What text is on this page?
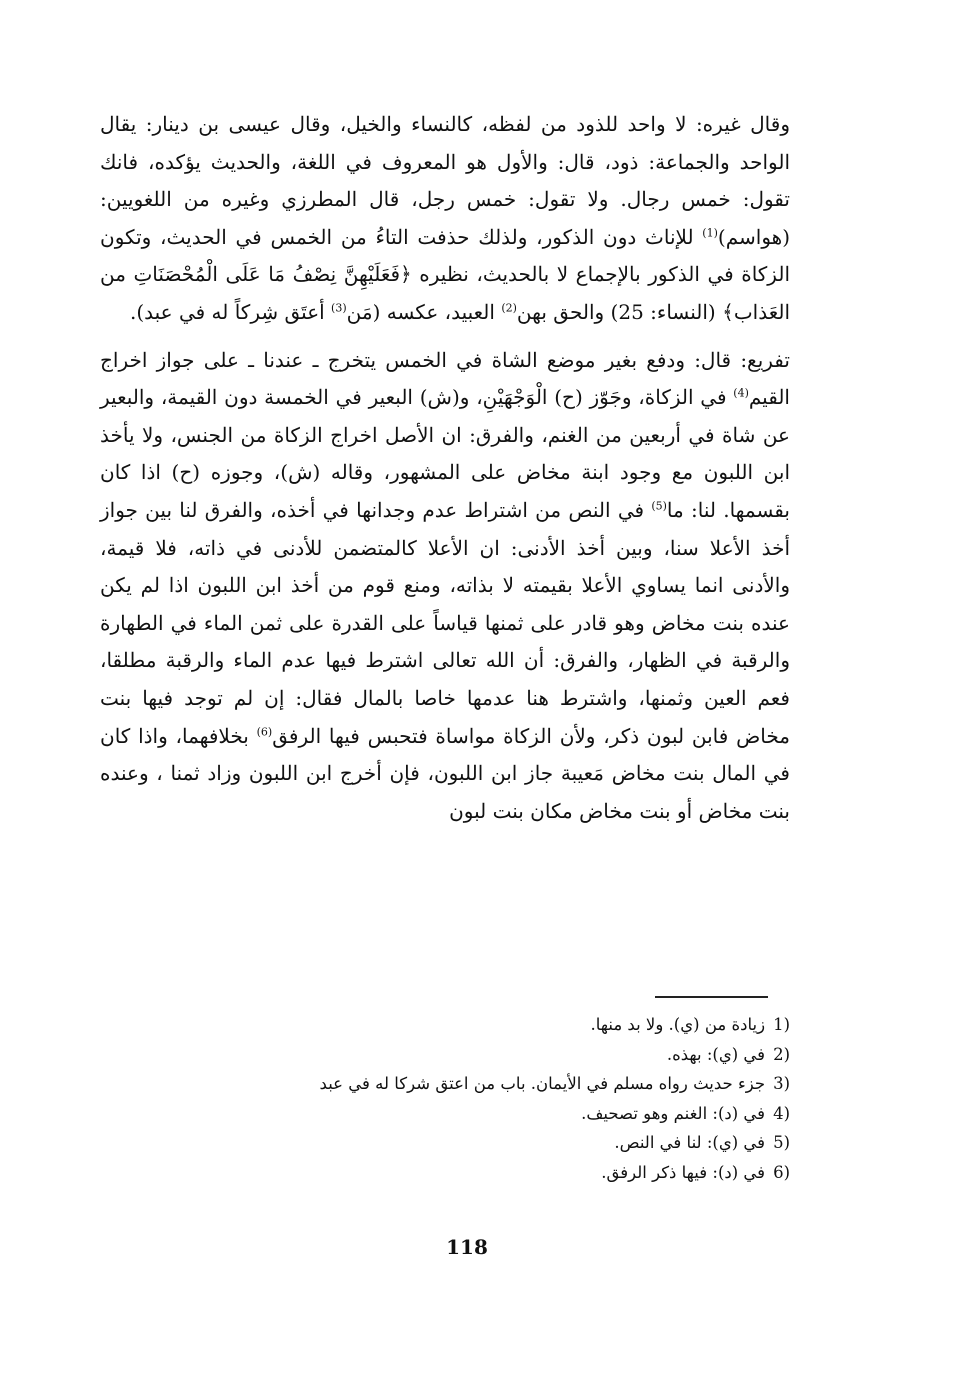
وقال غيره: لا واحد للذود من لفظه، كالنساء والخيل، وقال عيسى بن دينار: يقال الواحد والجماعة: ذود، قال: والأول هو المعروف في اللغة، والحديث يؤكده، فانك تقول: خمس رجال. ولا تقول: خمس رجل، قال المطرزي وغيره من اللغويين: (هواسم)$^{(1)}$ للإناث دون الذكور، ولذلك حذفت التاءُ من الخمس في الحديث، وتكون الزكاة في الذكور بالإجماع لا بالحديث، نظيره ﴿فَعَلَيْهِنَّ نِصْفُ مَا عَلَى الْمُحْصَنَاتِ من العَذاب﴾ (النساء: 25) والحق بهن$^{(2)}$ العبيد، عكسه (مَن$^{(3)}$ أعتَق شِركاً له في عبد).

تفريع: قال: ودفع بغير موضع الشاة في الخمس يتخرج ـ عندنا ـ على جواز اخراج القيم$^{(4)}$ في الزكاة، وجَوّز (ح) الْوَجْهَيْنِ، و(ش) البعير في الخمسة دون القيمة، والبعير عن شاة في أربعين من الغنم، والفرق: ان الأصل اخراج الزكاة من الجنس، ولا يأخذ ابن اللبون مع وجود ابنة مخاض على المشهور، وقاله (ش)، وجوزه (ح) اذا كان بقسمها. لنا: ما$^{(5)}$ في النص من اشتراط عدم وجدانها في أخذه، والفرق لنا بين جواز أخذ الأعلا سنا، وبين أخذ الأدنى: ان الأعلا كالمتضمن للأدنى في ذاته، فلا قيمة، والأدنى انما يساوي الأعلا بقيمته لا بذاته، ومنع قوم من أخذ ابن اللبون اذا لم يكن عنده بنت مخاض وهو قادر على ثمنها قياساً على القدرة على ثمن الماء في الطهارة والرقبة في الظهار، والفرق: أن الله تعالى اشترط فيها عدم الماء والرقبة مطلقا، فعم العين وثمنها، واشترط هنا عدمها خاصا بالمال فقال: إن لم توجد فيها بنت مخاض فابن لبون ذكر، ولأن الزكاة مواساة فتحبس فيها الرفق$^{(6)}$ بخلافهما، واذا كان في المال بنت مخاض مَعيبة جاز ابن اللبون، فإن أخرج ابن اللبون وزاد ثمنا ، وعنده بنت مخاض أو بنت مخاض مكان بنت لبون

(1زيادة من (ي). ولا بد منها.
(2في (ي): بهذه.
(3جزء حديث رواه مسلم في الأيمان. باب من اعتق شركا له في عبد
(4في (د): الغنم وهو تصحيف.
(5في (ي): لنا في النص.
(6في (د): فيها ذكر الرفق.
118
